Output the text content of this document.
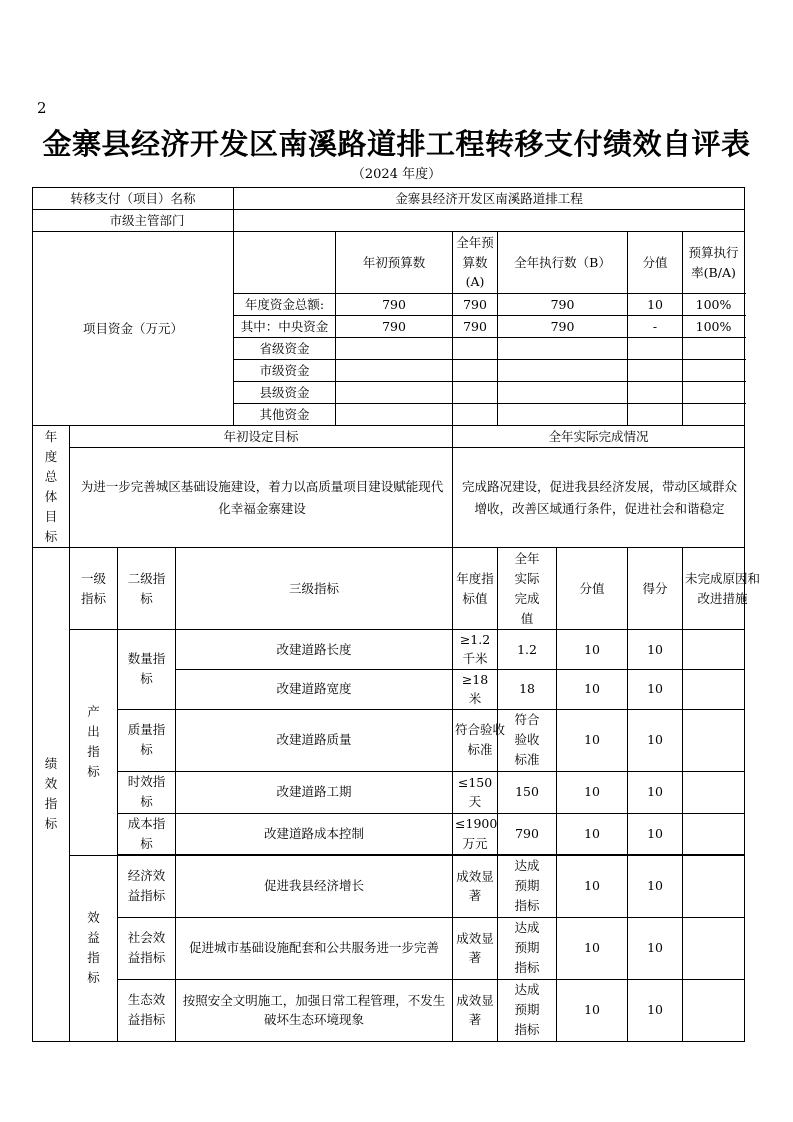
2
金寨县经济开发区南溪路道排工程转移支付绩效自评表
（2024 年度）
转移支付（项目）名称				金寨县经济开发区南溪路道排工程							
市级主管部门											
项目资金（万元）					年初预算数	全年预算数(A)	全年执行数（B）		分值	预算执行率(B/A)	
				年度资金总额:	790	790	790		10	100%	
				其中：中央资金	790	790	790		-	100%	
				省级资金							
				市级资金							
				县级资金							
				其他资金							
年度总体目标	年初设定目标					全年实际完成情况					
	为进一步完善城区基础设施建设，着力以高质量项目建设赋能现代化幸福金寨建设					完成路况建设，促进我县经济发展，带动区域群众增收，改善区域通行条件，促进社会和谐稳定					
绩效指标	一级指标	二级指标	三级指标			年度指标值	全年实际完成值	分值	得分	未完成原因和改进措施	
	产出指标	数量指标	改建道路长度			≥1.2千米	1.2	10	10		
			改建道路宽度			≥18 米	18	10	10		
		质量指标	改建道路质量			符合验收标准	符合验收标准	10	10		
		时效指标	改建道路工期			≤150 天	150	10	10		
		成本指标	改建道路成本控制			≤1900 万元	790	10	10		

	效益指标	经济效益指标	促进我县经济增长			成效显著	达成预期指标	10	10		
		社会效益指标	促进城市基础设施配套和公共服务进一步完善			成效显著	达成预期指标	10	10		
		生态效益指标	按照安全文明施工，加强日常工程管理，不发生破坏生态环境现象			成效显著	达成预期指标	10	10		
